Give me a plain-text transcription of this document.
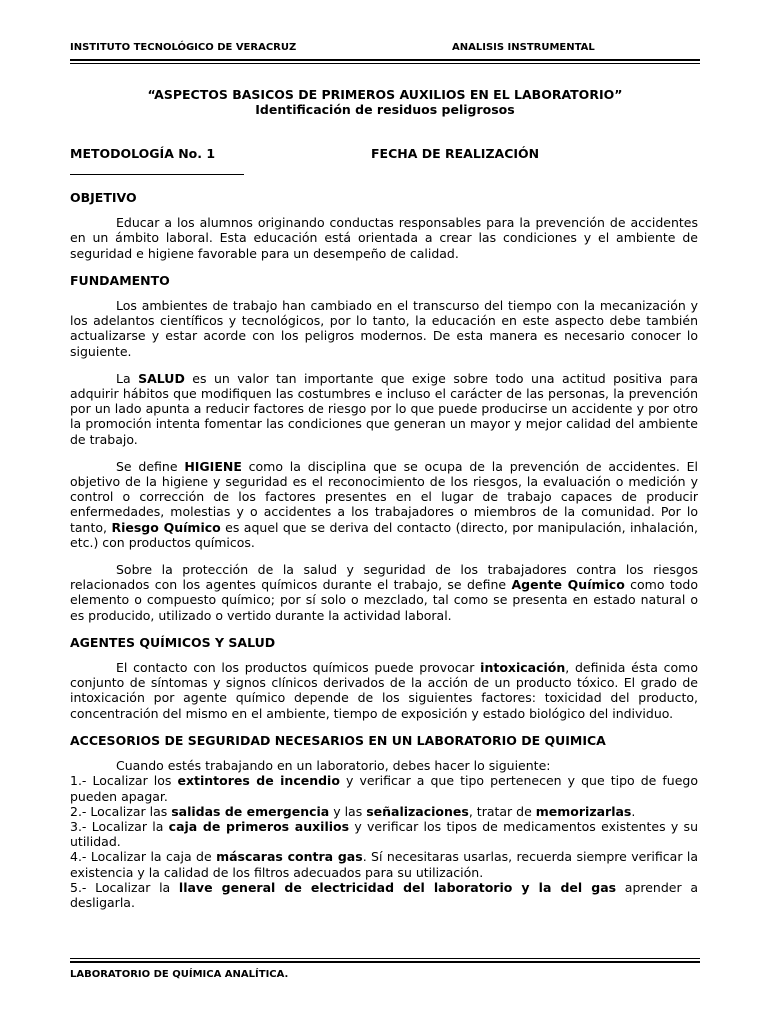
INSTITUTO TECNOLÓGICO DE VERACRUZ	ANALISIS INSTRUMENTAL
“ASPECTOS BASICOS DE PRIMEROS AUXILIOS EN EL LABORATORIO”
Identificación de residuos peligrosos
METODOLOGÍA No. 1	FECHA DE REALIZACIÓN
OBJETIVO

Educar a los alumnos originando conductas responsables para la prevención de accidentes en un ámbito laboral. Esta educación está orientada a crear las condiciones y el ambiente de seguridad e higiene favorable para un desempeño de calidad.

FUNDAMENTO

Los ambientes de trabajo han cambiado en el transcurso del tiempo con la mecanización y los adelantos científicos y tecnológicos, por lo tanto, la educación en este aspecto debe también actualizarse y estar acorde con los peligros modernos. De esta manera es necesario conocer lo siguiente.

La SALUD es un valor tan importante que exige sobre todo una actitud positiva para adquirir hábitos que modifiquen las costumbres e incluso el carácter de las personas, la prevención por un lado apunta a reducir factores de riesgo por lo que puede producirse un accidente y por otro la promoción intenta fomentar las condiciones que generan un mayor y mejor calidad del ambiente de trabajo.

Se define HIGIENE como la disciplina que se ocupa de la prevención de accidentes. El objetivo de la higiene y seguridad es el reconocimiento de los riesgos, la evaluación o medición y control o corrección de los factores presentes en el lugar de trabajo capaces de producir enfermedades, molestias y o accidentes a los trabajadores o miembros de la comunidad. Por lo tanto, Riesgo Químico es aquel que se deriva del contacto (directo, por manipulación, inhalación, etc.) con productos químicos.

Sobre la protección de la salud y seguridad de los trabajadores contra los riesgos relacionados con los agentes químicos durante el trabajo, se define Agente Químico como todo elemento o compuesto químico; por sí solo o mezclado, tal como se presenta en estado natural o es producido, utilizado o vertido durante la actividad laboral.

AGENTES QUÍMICOS Y SALUD

El contacto con los productos químicos puede provocar intoxicación, definida ésta como conjunto de síntomas y signos clínicos derivados de la acción de un producto tóxico. El grado de intoxicación por agente químico depende de los siguientes factores: toxicidad del producto, concentración del mismo en el ambiente, tiempo de exposición y estado biológico del individuo.

ACCESORIOS DE SEGURIDAD NECESARIOS EN UN LABORATORIO DE QUIMICA

Cuando estés trabajando en un laboratorio, debes hacer lo siguiente:

1.- Localizar los extintores de incendio y verificar a que tipo pertenecen y que tipo de fuego pueden apagar.

2.- Localizar las salidas de emergencia y las señalizaciones, tratar de memorizarlas.

3.- Localizar la caja de primeros auxilios y verificar los tipos de medicamentos existentes y su utilidad.

4.- Localizar la caja de máscaras contra gas. Sí necesitaras usarlas, recuerda siempre verificar la existencia y la calidad de los filtros adecuados para su utilización.

5.- Localizar la llave general de electricidad del laboratorio y la del gas aprender a desligarla.

LABORATORIO DE QUÍMICA ANALÍTICA.
